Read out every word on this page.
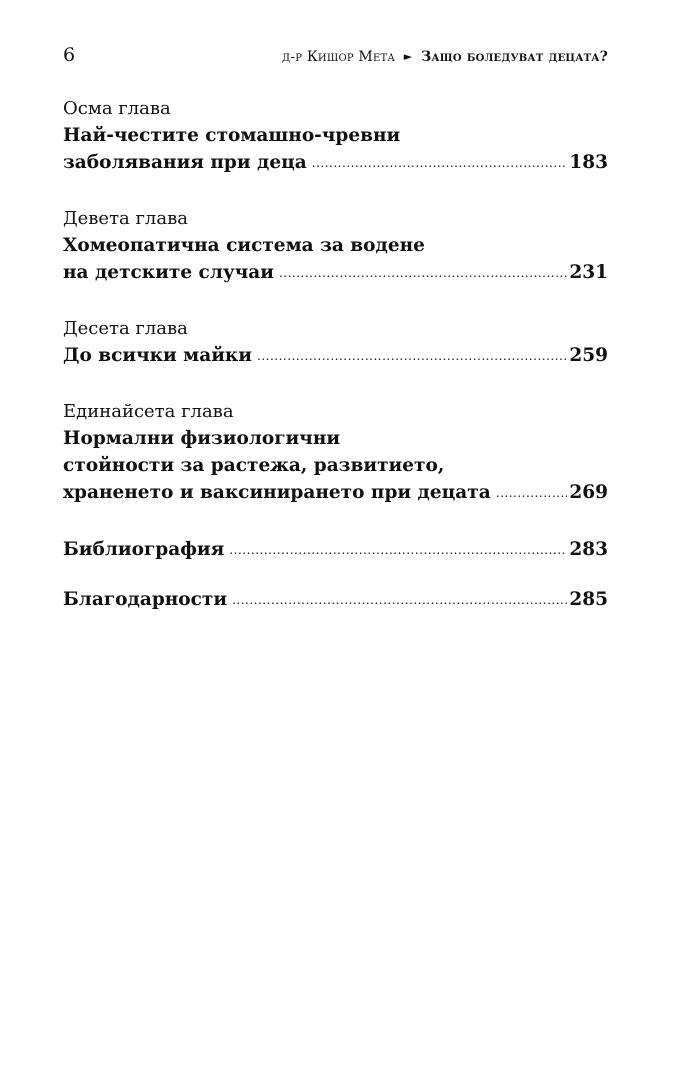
6	д-р Кишор Мета ► Защо боледуват децата?
Осма глава
Най-честите стомашно-чревни
заболявания при деца .....	183
Девета глава
Хомеопатична система за водене
на детските случаи .....	231
Десета глава
До всички майки .....	259
Единайсета глава
Нормални физиологични
стойности за растежа, развитието,
храненето и ваксинирането при децата .....	269
Библиография .....	283
Благодарности .....	285
